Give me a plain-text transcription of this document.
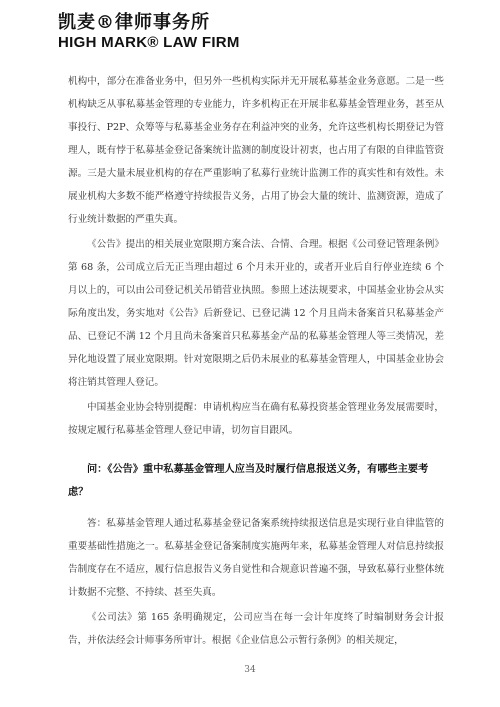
凯麦®律师事务所
HIGH MARK® LAW FIRM

机构中，部分在准备业务中，但另外一些机构实际并无开展私募基金业务意愿。二是一些机构缺乏从事私募基金管理的专业能力，许多机构正在开展非私募基金管理业务，甚至从事投行、P2P、众筹等与私募基金业务存在利益冲突的业务，允许这些机构长期登记为管理人，既有悖于私募基金登记备案统计监测的制度设计初衷，也占用了有限的自律监管资源。三是大量未展业机构的存在严重影响了私募行业统计监测工作的真实性和有效性。未展业机构大多数不能严格遵守持续报告义务，占用了协会大量的统计、监测资源，造成了行业统计数据的严重失真。

《公告》提出的相关展业宽限期方案合法、合情、合理。根据《公司登记管理条例》第 68 条，公司成立后无正当理由超过 6 个月未开业的，或者开业后自行停业连续 6 个月以上的，可以由公司登记机关吊销营业执照。参照上述法规要求，中国基金业协会从实际角度出发，务实地对《公告》后新登记、已登记满 12 个月且尚未备案首只私募基金产品、已登记不满 12 个月且尚未备案首只私募基金产品的私募基金管理人等三类情况，差异化地设置了展业宽限期。针对宽限期之后仍未展业的私募基金管理人，中国基金业协会将注销其管理人登记。

中国基金业协会特别提醒：申请机构应当在确有私募投资基金管理业务发展需要时，按规定履行私募基金管理人登记申请，切勿盲目跟风。

问：《公告》重中私募基金管理人应当及时履行信息报送义务，有哪些主要考虑？

答：私募基金管理人通过私募基金登记备案系统持续报送信息是实现行业自律监管的重要基础性措施之一。私募基金登记备案制度实施两年来，私募基金管理人对信息持续报告制度存在不适应，履行信息报告义务自觉性和合规意识普遍不强，导致私募行业整体统计数据不完整、不持续、甚至失真。

《公司法》第 165 条明确规定，公司应当在每一会计年度终了时编制财务会计报告，并依法经会计师事务所审计。根据《企业信息公示暂行条例》的相关规定，

34
